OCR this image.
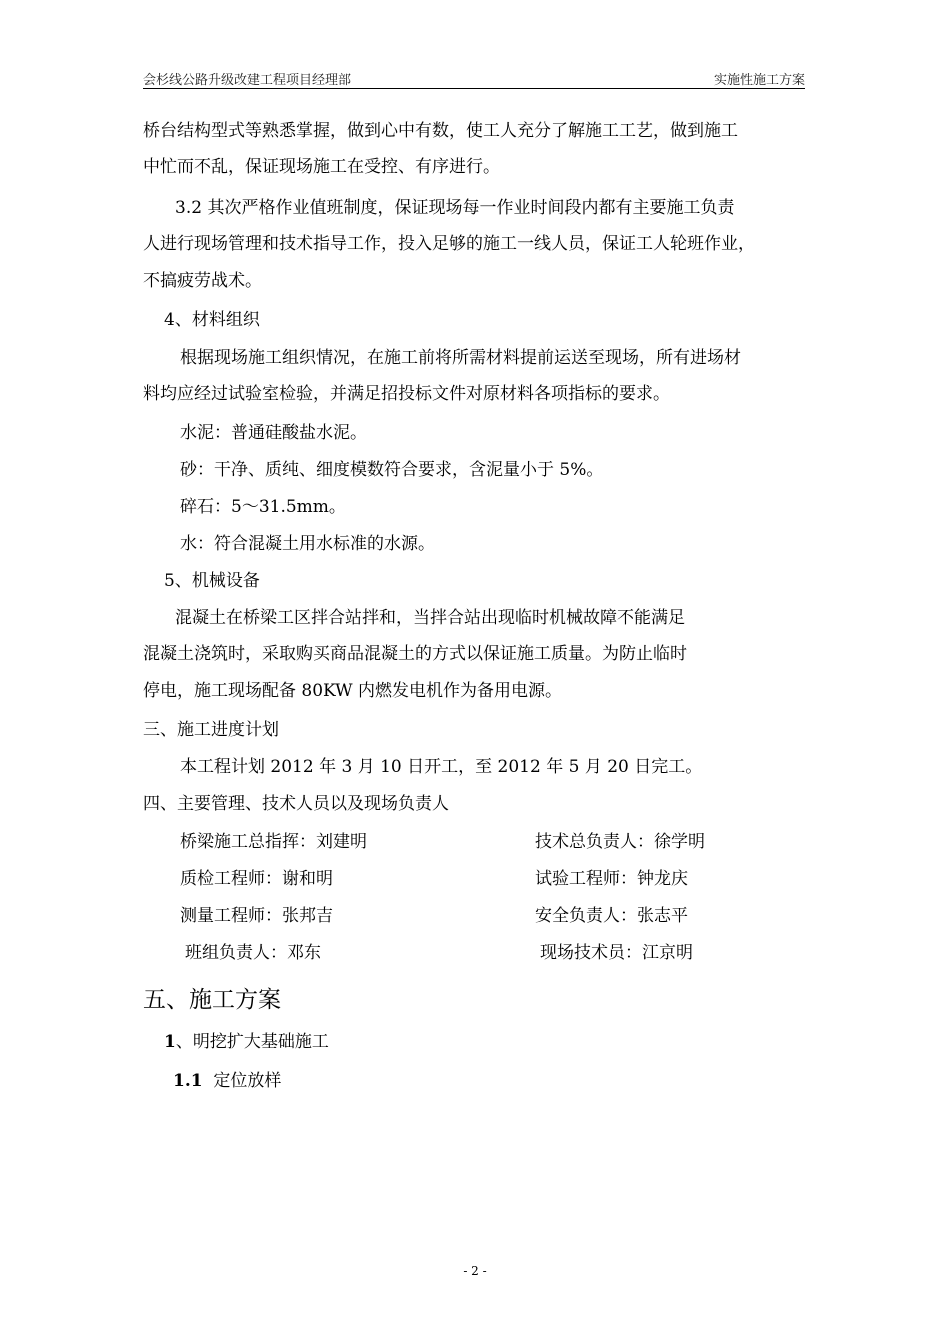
会杉线公路升级改建工程项目经理部	实施性施工方案
桥台结构型式等熟悉掌握，做到心中有数，使工人充分了解施工工艺，做到施工
中忙而不乱，保证现场施工在受控、有序进行。
3.2 其次严格作业值班制度，保证现场每一作业时间段内都有主要施工负责
人进行现场管理和技术指导工作，投入足够的施工一线人员，保证工人轮班作业，
不搞疲劳战术。
4、材料组织
根据现场施工组织情况，在施工前将所需材料提前运送至现场，所有进场材
料均应经过试验室检验，并满足招投标文件对原材料各项指标的要求。
水泥：普通硅酸盐水泥。
砂：干净、质纯、细度模数符合要求，含泥量小于 5%。
碎石：5～31.5mm。
水：符合混凝土用水标准的水源。
5、机械设备
混凝土在桥梁工区拌合站拌和，当拌合站出现临时机械故障不能满足
混凝土浇筑时，采取购买商品混凝土的方式以保证施工质量。为防止临时
停电，施工现场配备 80KW 内燃发电机作为备用电源。
三、施工进度计划
本工程计划 2012 年 3 月 10 日开工，至 2012 年 5 月 20 日完工。
四、主要管理、技术人员以及现场负责人
桥梁施工总指挥：刘建明	技术总负责人：徐学明
质检工程师：谢和明	试验工程师：钟龙庆
测量工程师：张邦吉	安全负责人：张志平
班组负责人：邓东	现场技术员：江京明
五、施工方案
1、明挖扩大基础施工
1.1 定位放样
- 2 -
